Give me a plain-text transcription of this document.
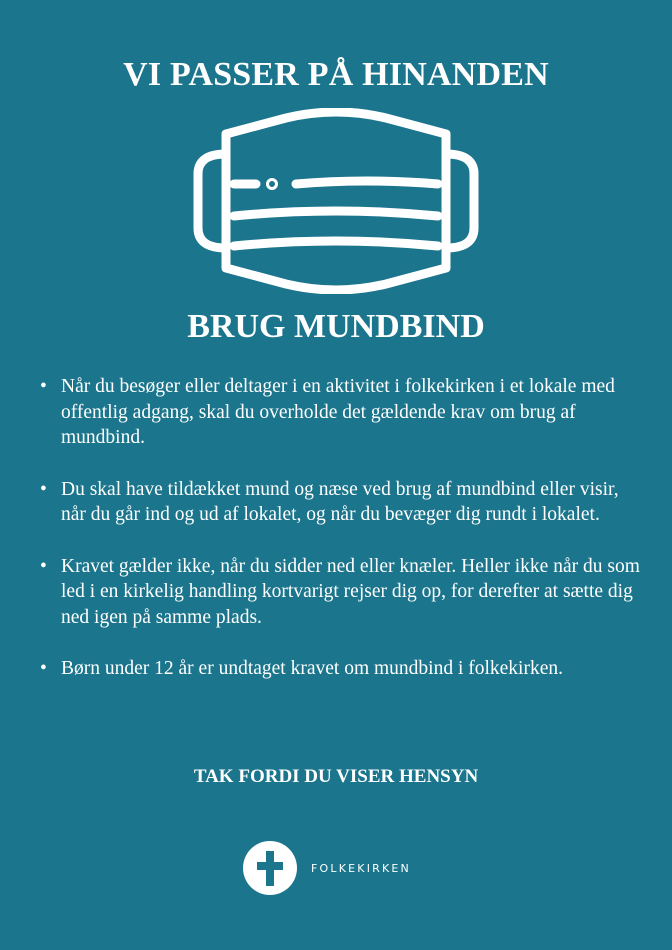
VI PASSER PÅ HINANDEN
BRUG MUNDBIND
• Når du besøger eller deltager i en aktivitet i folkekirken i et lokale med offentlig adgang, skal du overholde det gældende krav om brug af mundbind.
• Du skal have tildækket mund og næse ved brug af mundbind eller visir, når du går ind og ud af lokalet, og når du bevæger dig rundt i lokalet.
• Kravet gælder ikke, når du sidder ned eller knæler. Heller ikke når du som led i en kirkelig handling kortvarigt rejser dig op, for derefter at sætte dig ned igen på samme plads.
• Børn under 12 år er undtaget kravet om mundbind i folkekirken.
TAK FORDI DU VISER HENSYN
FOLKEKIRKEN
